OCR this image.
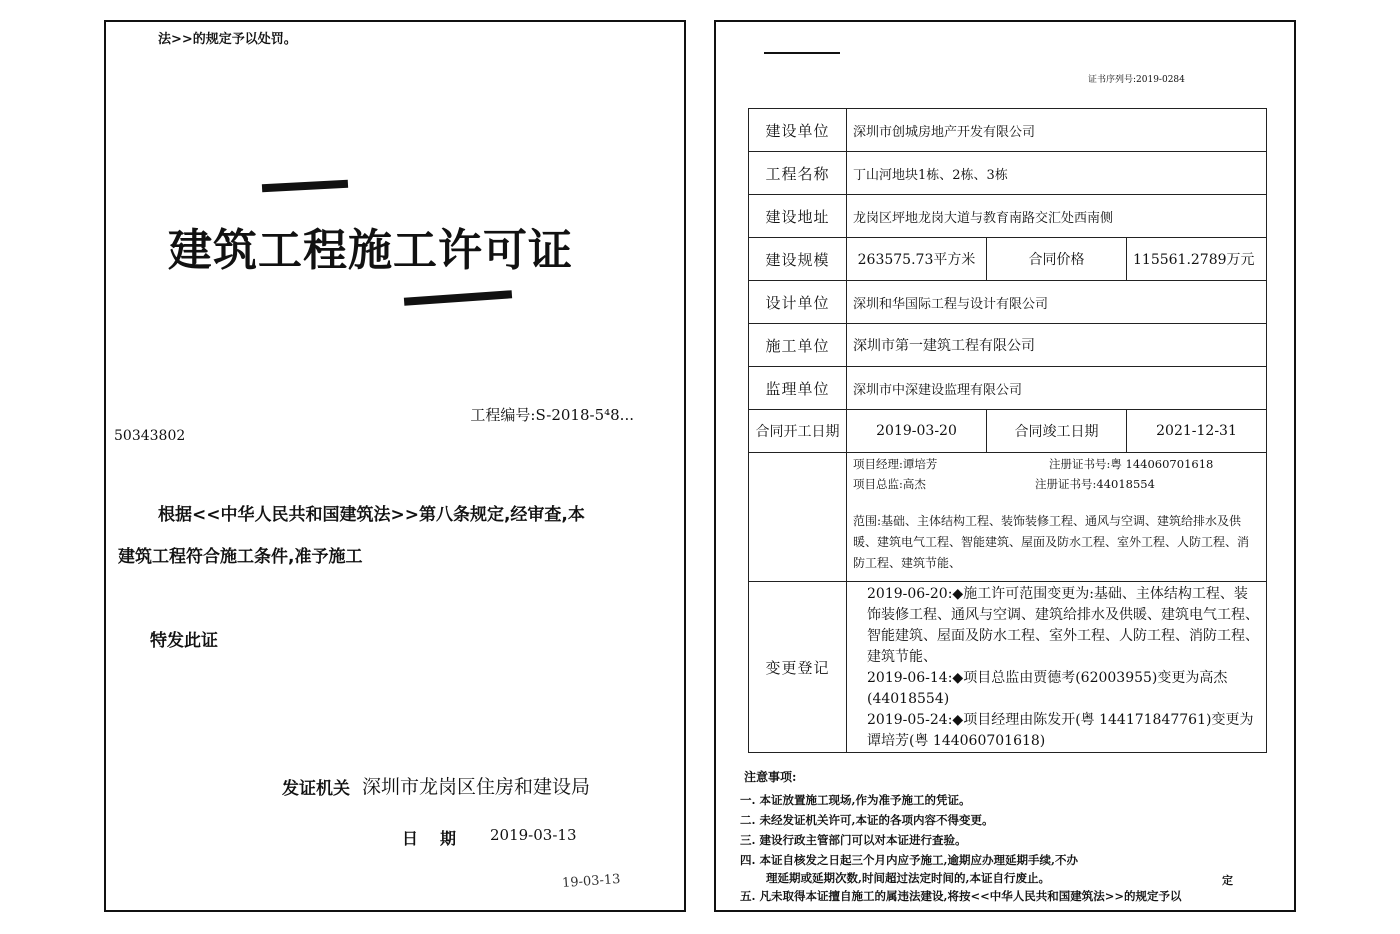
法>>的规定予以处罚。
建筑工程施工许可证
工程编号:S-2018-5⁴8...
50343802
根据<<中华人民共和国建筑法>>第八条规定,经审查,本
建筑工程符合施工条件,准予施工
特发此证
发证机关 深圳市龙岗区住房和建设局
日期 2019-03-13
19-03-13
证书序列号:2019-0284
建设单位	深圳市创城房地产开发有限公司		
工程名称	丁山河地块1栋、2栋、3栋		
建设地址	龙岗区坪地龙岗大道与教育南路交汇处西南侧		
建设规模	263575.73平方米	合同价格	115561.2789万元
设计单位	深圳和华国际工程与设计有限公司		
施工单位	深圳市第一建筑工程有限公司		
监理单位	深圳市中深建设监理有限公司		
合同开工日期	2019-03-20	合同竣工日期	2021-12-31

	项目经理:谭培芳 注册证书号:粤 144060701618
项目总监:高杰 注册证书号:44018554
范围:基础、主体结构工程、装饰装修工程、通风与空调、建筑给排水及供暖、建筑电气工程、智能建筑、屋面及防水工程、室外工程、人防工程、消防工程、建筑节能、		

变更登记	2019-06-20:◆施工许可范围变更为:基础、主体结构工程、装饰装修工程、通风与空调、建筑给排水及供暖、建筑电气工程、智能建筑、屋面及防水工程、室外工程、人防工程、消防工程、建筑节能、
2019-06-14:◆项目总监由贾德考(62003955)变更为高杰(44018554)
2019-05-24:◆项目经理由陈发开(粤 144171847761)变更为谭培芳(粤 144060701618)		
注意事项:
一. 本证放置施工现场,作为准予施工的凭证。
二. 未经发证机关许可,本证的各项内容不得变更。
三. 建设行政主管部门可以对本证进行查验。
四. 本证自核发之日起三个月内应予施工,逾期应办理延期手续,不办
理延期或延期次数,时间超过法定时间的,本证自行废止。
五. 凡未取得本证擅自施工的属违法建设,将按<<中华人民共和国建筑法>>的规定予以
定
